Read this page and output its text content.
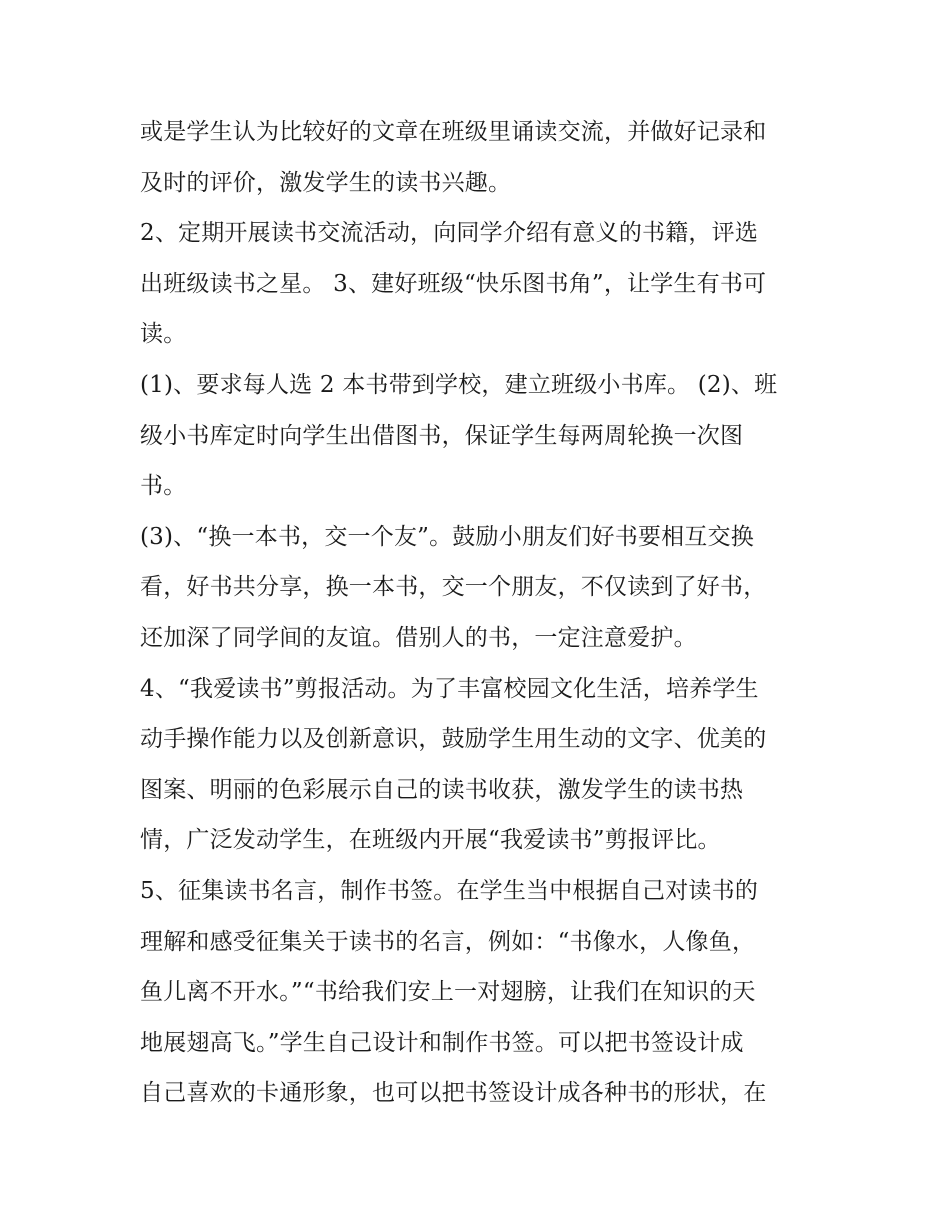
或是学生认为比较好的文章在班级里诵读交流，并做好记录和
及时的评价，激发学生的读书兴趣。
2、定期开展读书交流活动，向同学介绍有意义的书籍，评选
出班级读书之星。 3、建好班级“快乐图书角”，让学生有书可
读。
(1)、要求每人选 2 本书带到学校，建立班级小书库。 (2)、班
级小书库定时向学生出借图书，保证学生每两周轮换一次图
书。
(3)、“换一本书，交一个友”。鼓励小朋友们好书要相互交换
看，好书共分享，换一本书，交一个朋友，不仅读到了好书，
还加深了同学间的友谊。借别人的书，一定注意爱护。
4、“我爱读书”剪报活动。为了丰富校园文化生活，培养学生
动手操作能力以及创新意识，鼓励学生用生动的文字、优美的
图案、明丽的色彩展示自己的读书收获，激发学生的读书热
情，广泛发动学生，在班级内开展“我爱读书”剪报评比。
5、征集读书名言，制作书签。在学生当中根据自己对读书的
理解和感受征集关于读书的名言，例如：“书像水，人像鱼，
鱼儿离不开水。”“书给我们安上一对翅膀，让我们在知识的天
地展翅高飞。”学生自己设计和制作书签。可以把书签设计成
自己喜欢的卡通形象，也可以把书签设计成各种书的形状，在
